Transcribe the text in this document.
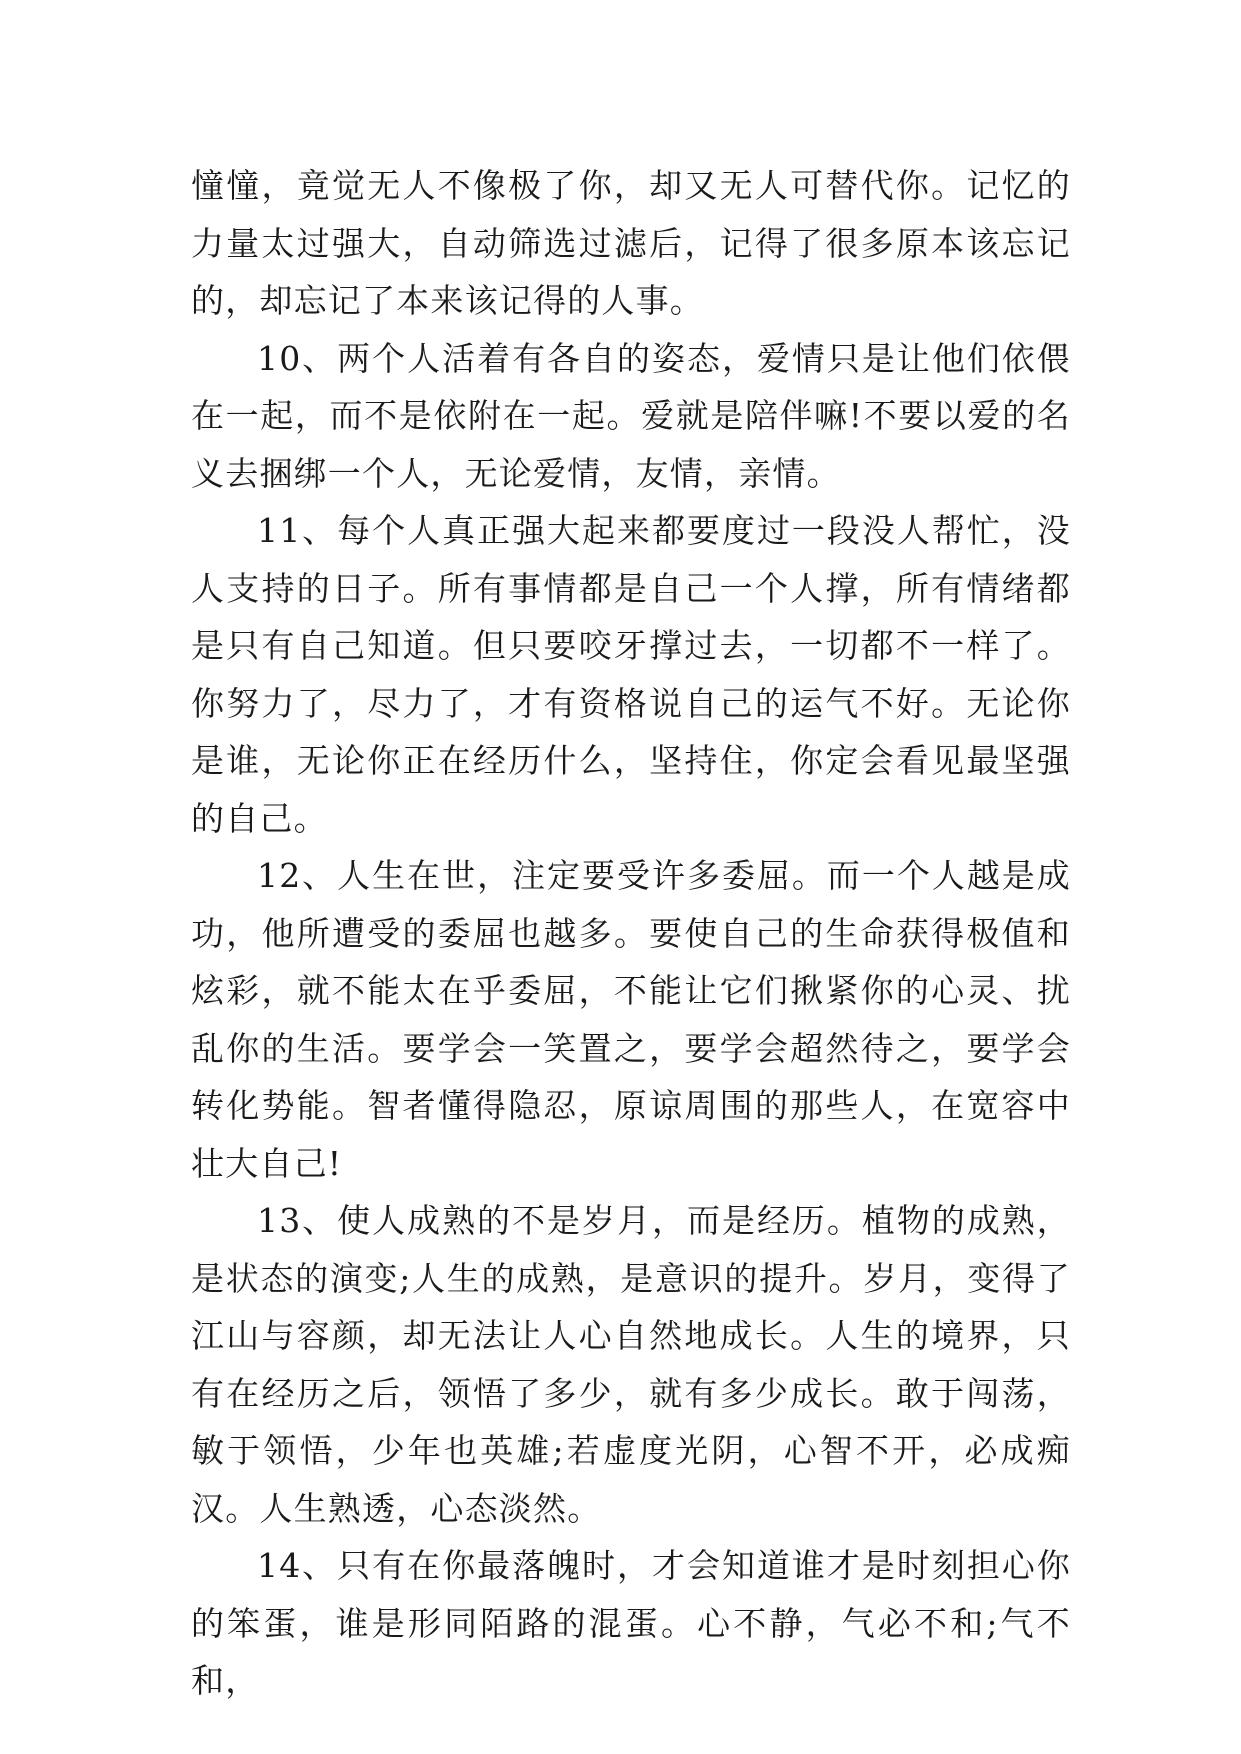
憧憧，竟觉无人不像极了你，却又无人可替代你。记忆的力量太过强大，自动筛选过滤后，记得了很多原本该忘记的，却忘记了本来该记得的人事。

10、两个人活着有各自的姿态，爱情只是让他们依偎在一起，而不是依附在一起。爱就是陪伴嘛!不要以爱的名义去捆绑一个人，无论爱情，友情，亲情。

11、每个人真正强大起来都要度过一段没人帮忙，没人支持的日子。所有事情都是自己一个人撑，所有情绪都是只有自己知道。但只要咬牙撑过去，一切都不一样了。你努力了，尽力了，才有资格说自己的运气不好。无论你是谁，无论你正在经历什么，坚持住，你定会看见最坚强的自己。

12、人生在世，注定要受许多委屈。而一个人越是成功，他所遭受的委屈也越多。要使自己的生命获得极值和炫彩，就不能太在乎委屈，不能让它们揪紧你的心灵、扰乱你的生活。要学会一笑置之，要学会超然待之，要学会转化势能。智者懂得隐忍，原谅周围的那些人，在宽容中壮大自己!

13、使人成熟的不是岁月，而是经历。植物的成熟，是状态的演变;人生的成熟，是意识的提升。岁月，变得了江山与容颜，却无法让人心自然地成长。人生的境界，只有在经历之后，领悟了多少，就有多少成长。敢于闯荡，敏于领悟，少年也英雄;若虚度光阴，心智不开，必成痴汉。人生熟透，心态淡然。

14、只有在你最落魄时，才会知道谁才是时刻担心你的笨蛋，谁是形同陌路的混蛋。心不静，气必不和;气不和，
